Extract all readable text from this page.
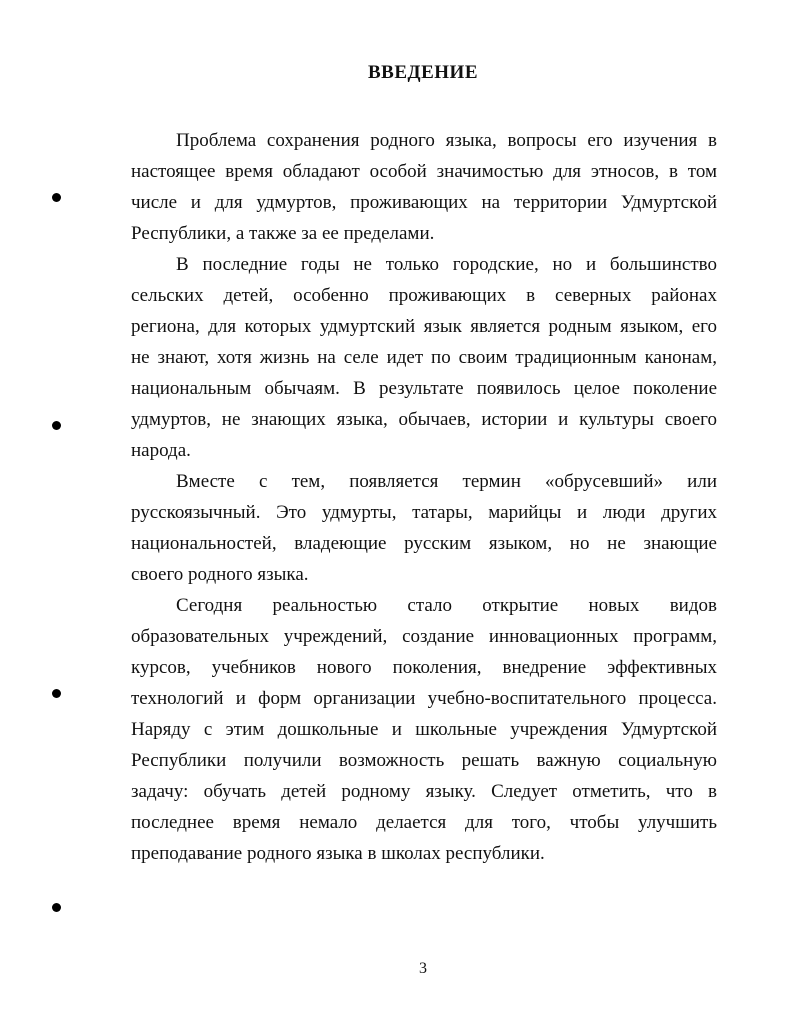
ВВЕДЕНИЕ

Проблема сохранения родного языка, вопросы его изучения в

настоящее время обладают особой значимостью для этносов, в том

числе и для удмуртов, проживающих на территории Удмуртской

Республики, а также за ее пределами.

В последние годы не только городские, но и большинство

сельских детей, особенно проживающих в северных районах

региона, для которых удмуртский язык является родным языком, его

не знают, хотя жизнь на селе идет по своим традиционным канонам,

национальным обычаям. В результате появилось целое поколение

удмуртов, не знающих языка, обычаев, истории и культуры своего

народа.

Вместе с тем, появляется термин «обрусевший» или

русскоязычный. Это удмурты, татары, марийцы и люди других

национальностей, владеющие русским языком, но не знающие

своего родного языка.

Сегодня реальностью стало открытие новых видов

образовательных учреждений, создание инновационных программ,

курсов, учебников нового поколения, внедрение эффективных

технологий и форм организации учебно-воспитательного процесса.

Наряду с этим дошкольные и школьные учреждения Удмуртской

Республики получили возможность решать важную социальную

задачу: обучать детей родному языку. Следует отметить, что в

последнее время немало делается для того, чтобы улучшить

преподавание родного языка в школах республики.

3
